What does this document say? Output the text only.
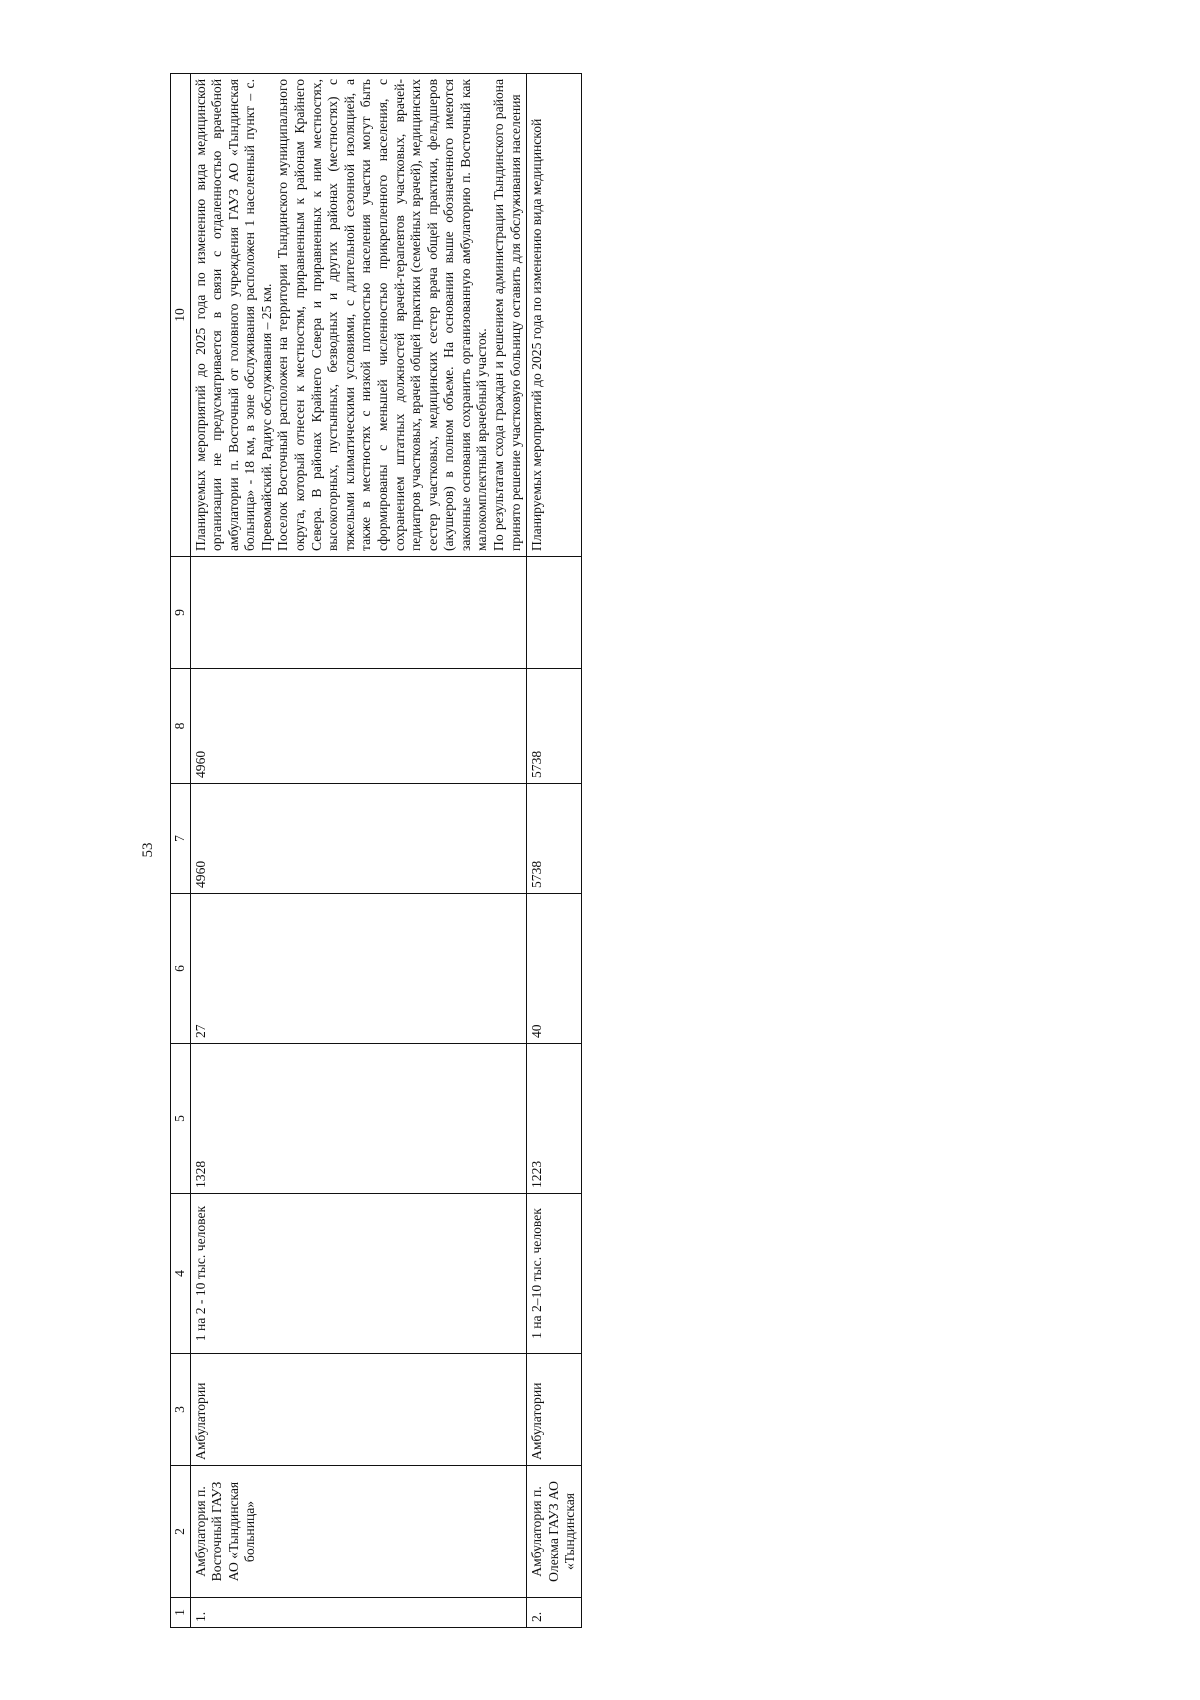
53
1	2	3	4	5	6	7	8	9	10
1.	Амбулатория п. Восточный ГАУЗ АО «Тындинская больница»	Амбулатории	1 на 2 - 10 тыс. человек	1328	27	4960	4960		Планируемых мероприятий до 2025 года по изменению вида медицинской организации не предусматривается в связи с отдаленностью врачебной амбулатории п. Восточный от головного учреждения ГАУЗ АО «Тындинская больница» - 18 км, в зоне обслуживания расположен 1 населенный пункт – с. Превомайский. Радиус обслуживания – 25 км. Поселок Восточный расположен на территории Тындинского муниципального округа, который отнесен к местностям, приравненным к районам Крайнего Севера. В районах Крайнего Севера и приравненных к ним местностях, высокогорных, пустынных, безводных и других районах (местностях) с тяжелыми климатическими условиями, с длительной сезонной изоляцией, а также в местностях с низкой плотностью населения участки могут быть сформированы с меньшей численностью прикрепленного населения, с сохранением штатных должностей врачей-терапевтов участковых, врачей-педиатров участковых, врачей общей практики (семейных врачей), медицинских сестер участковых, медицинских сестер врача общей практики, фельдшеров (акушеров) в полном объеме. На основании выше обозначенного имеются законные основания сохранить организованную амбулаторию п. Восточный как малокомплектный врачебный участок. По результатам схода граждан и решением администрации Тындинского района принято решение участковую больницу оставить для обслуживания населения

2.	Амбулатория п. Олекма ГАУЗ АО «Тындинская	Амбулатории	1 на 2–10 тыс. человек	1223	40	5738	5738		Планируемых мероприятий до 2025 года по изменению вида медицинской
